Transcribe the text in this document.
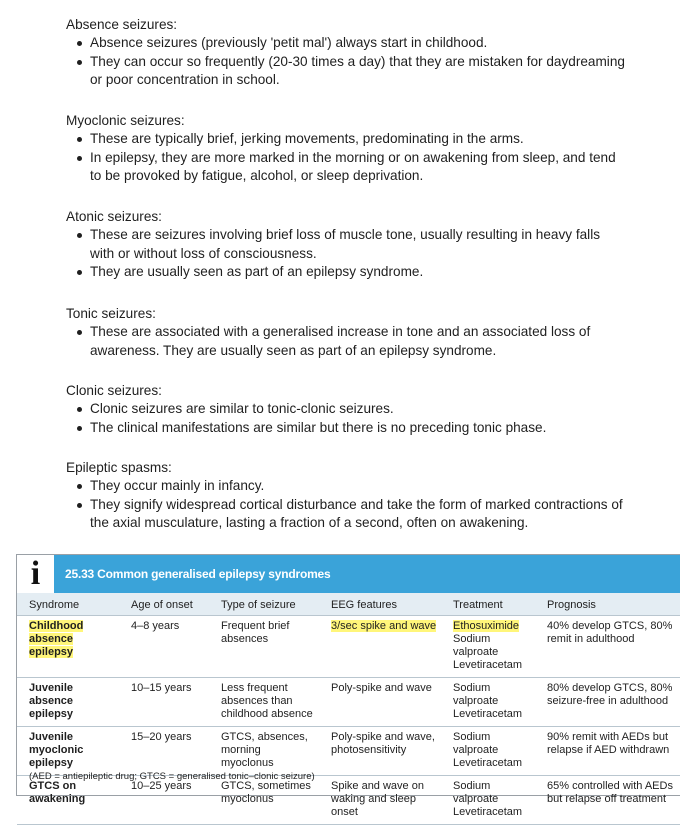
Absence seizures:
Absence seizures (previously 'petit mal') always start in childhood.
They can occur so frequently (20-30 times a day) that they are mistaken for daydreaming or poor concentration in school.
Myoclonic seizures:
These are typically brief, jerking movements, predominating in the arms.
In epilepsy, they are more marked in the morning or on awakening from sleep, and tend to be provoked by fatigue, alcohol, or sleep deprivation.
Atonic seizures:
These are seizures involving brief loss of muscle tone, usually resulting in heavy falls with or without loss of consciousness.
They are usually seen as part of an epilepsy syndrome.
Tonic seizures:
These are associated with a generalised increase in tone and an associated loss of awareness. They are usually seen as part of an epilepsy syndrome.
Clonic seizures:
Clonic seizures are similar to tonic-clonic seizures.
The clinical manifestations are similar but there is no preceding tonic phase.
Epileptic spasms:
They occur mainly in infancy.
They signify widespread cortical disturbance and take the form of marked contractions of the axial musculature, lasting a fraction of a second, often on awakening.
i	25.33 Common generalised epilepsy syndromes
Syndrome	Age of onset	Type of seizure	EEG features	Treatment	Prognosis
Childhood absence epilepsy	4–8 years	Frequent brief absences	3/sec spike and wave	Ethosuximide
Sodium valproate
Levetiracetam	40% develop GTCS, 80% remit in adulthood
Juvenile absence epilepsy	10–15 years	Less frequent absences than childhood absence	Poly-spike and wave	Sodium valproate
Levetiracetam	80% develop GTCS, 80% seizure-free in adulthood
Juvenile myoclonic epilepsy	15–20 years	GTCS, absences, morning myoclonus	Poly-spike and wave, photosensitivity	Sodium valproate
Levetiracetam	90% remit with AEDs but relapse if AED withdrawn
GTCS on awakening	10–25 years	GTCS, sometimes myoclonus	Spike and wave on waking and sleep onset	Sodium valproate
Levetiracetam	65% controlled with AEDs but relapse off treatment
(AED = antiepileptic drug; GTCS = generalised tonic–clonic seizure)
